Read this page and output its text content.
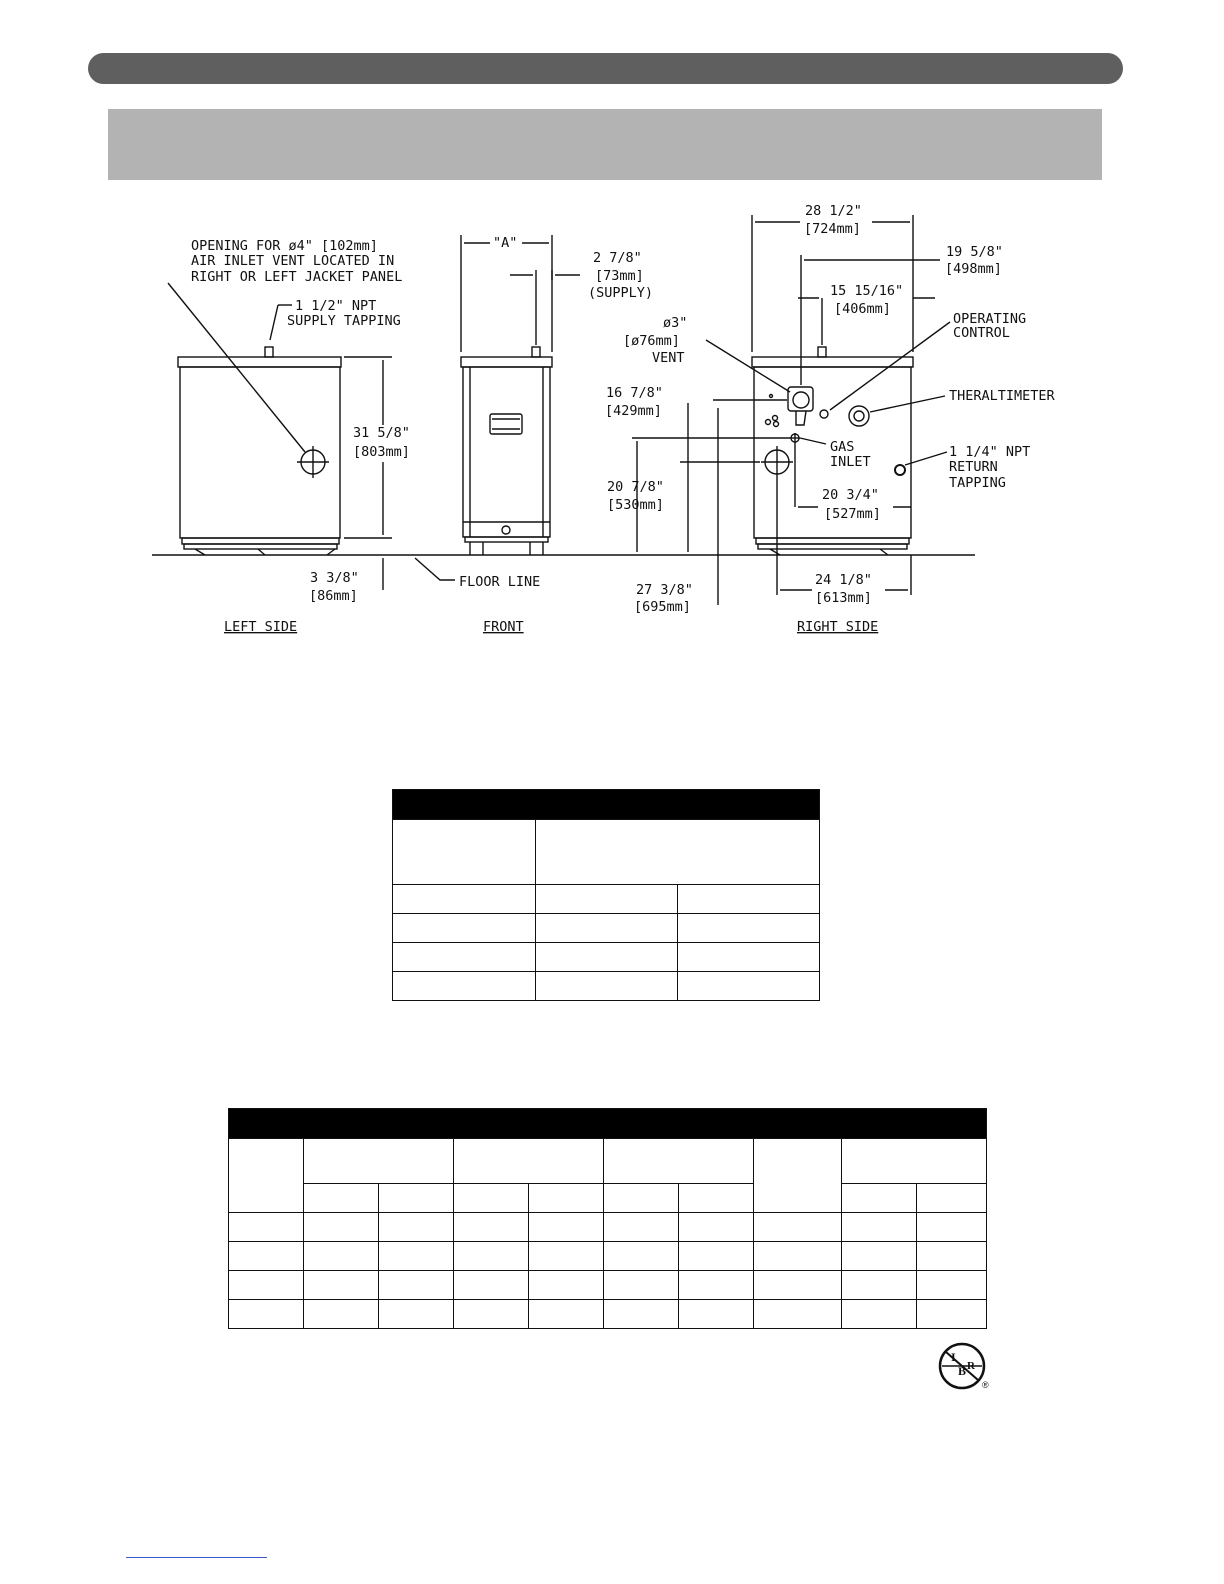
OPENING FOR ø4" [102mm]
AIR INLET VENT LOCATED IN
RIGHT OR LEFT JACKET PANEL
1 1/2" NPT
SUPPLY TAPPING
31 5/8"
[803mm]
3 3/8"
[86mm]
FLOOR LINE
"A"
2 7/8"
[73mm]
(SUPPLY)
28 1/2"
[724mm]
19 5/8"
[498mm]
15 15/16"
[406mm]
ø3"
[ø76mm]
VENT
OPERATING
CONTROL
THERALTIMETER
16 7/8"
[429mm]
GAS
INLET
1 1/4" NPT
RETURN
TAPPING
20 7/8"
[530mm]
20 3/4"
[527mm]
27 3/8"
[695mm]
24 1/8"
[613mm]
LEFT SIDE	FRONT	RIGHT SIDE

I
B R
®
